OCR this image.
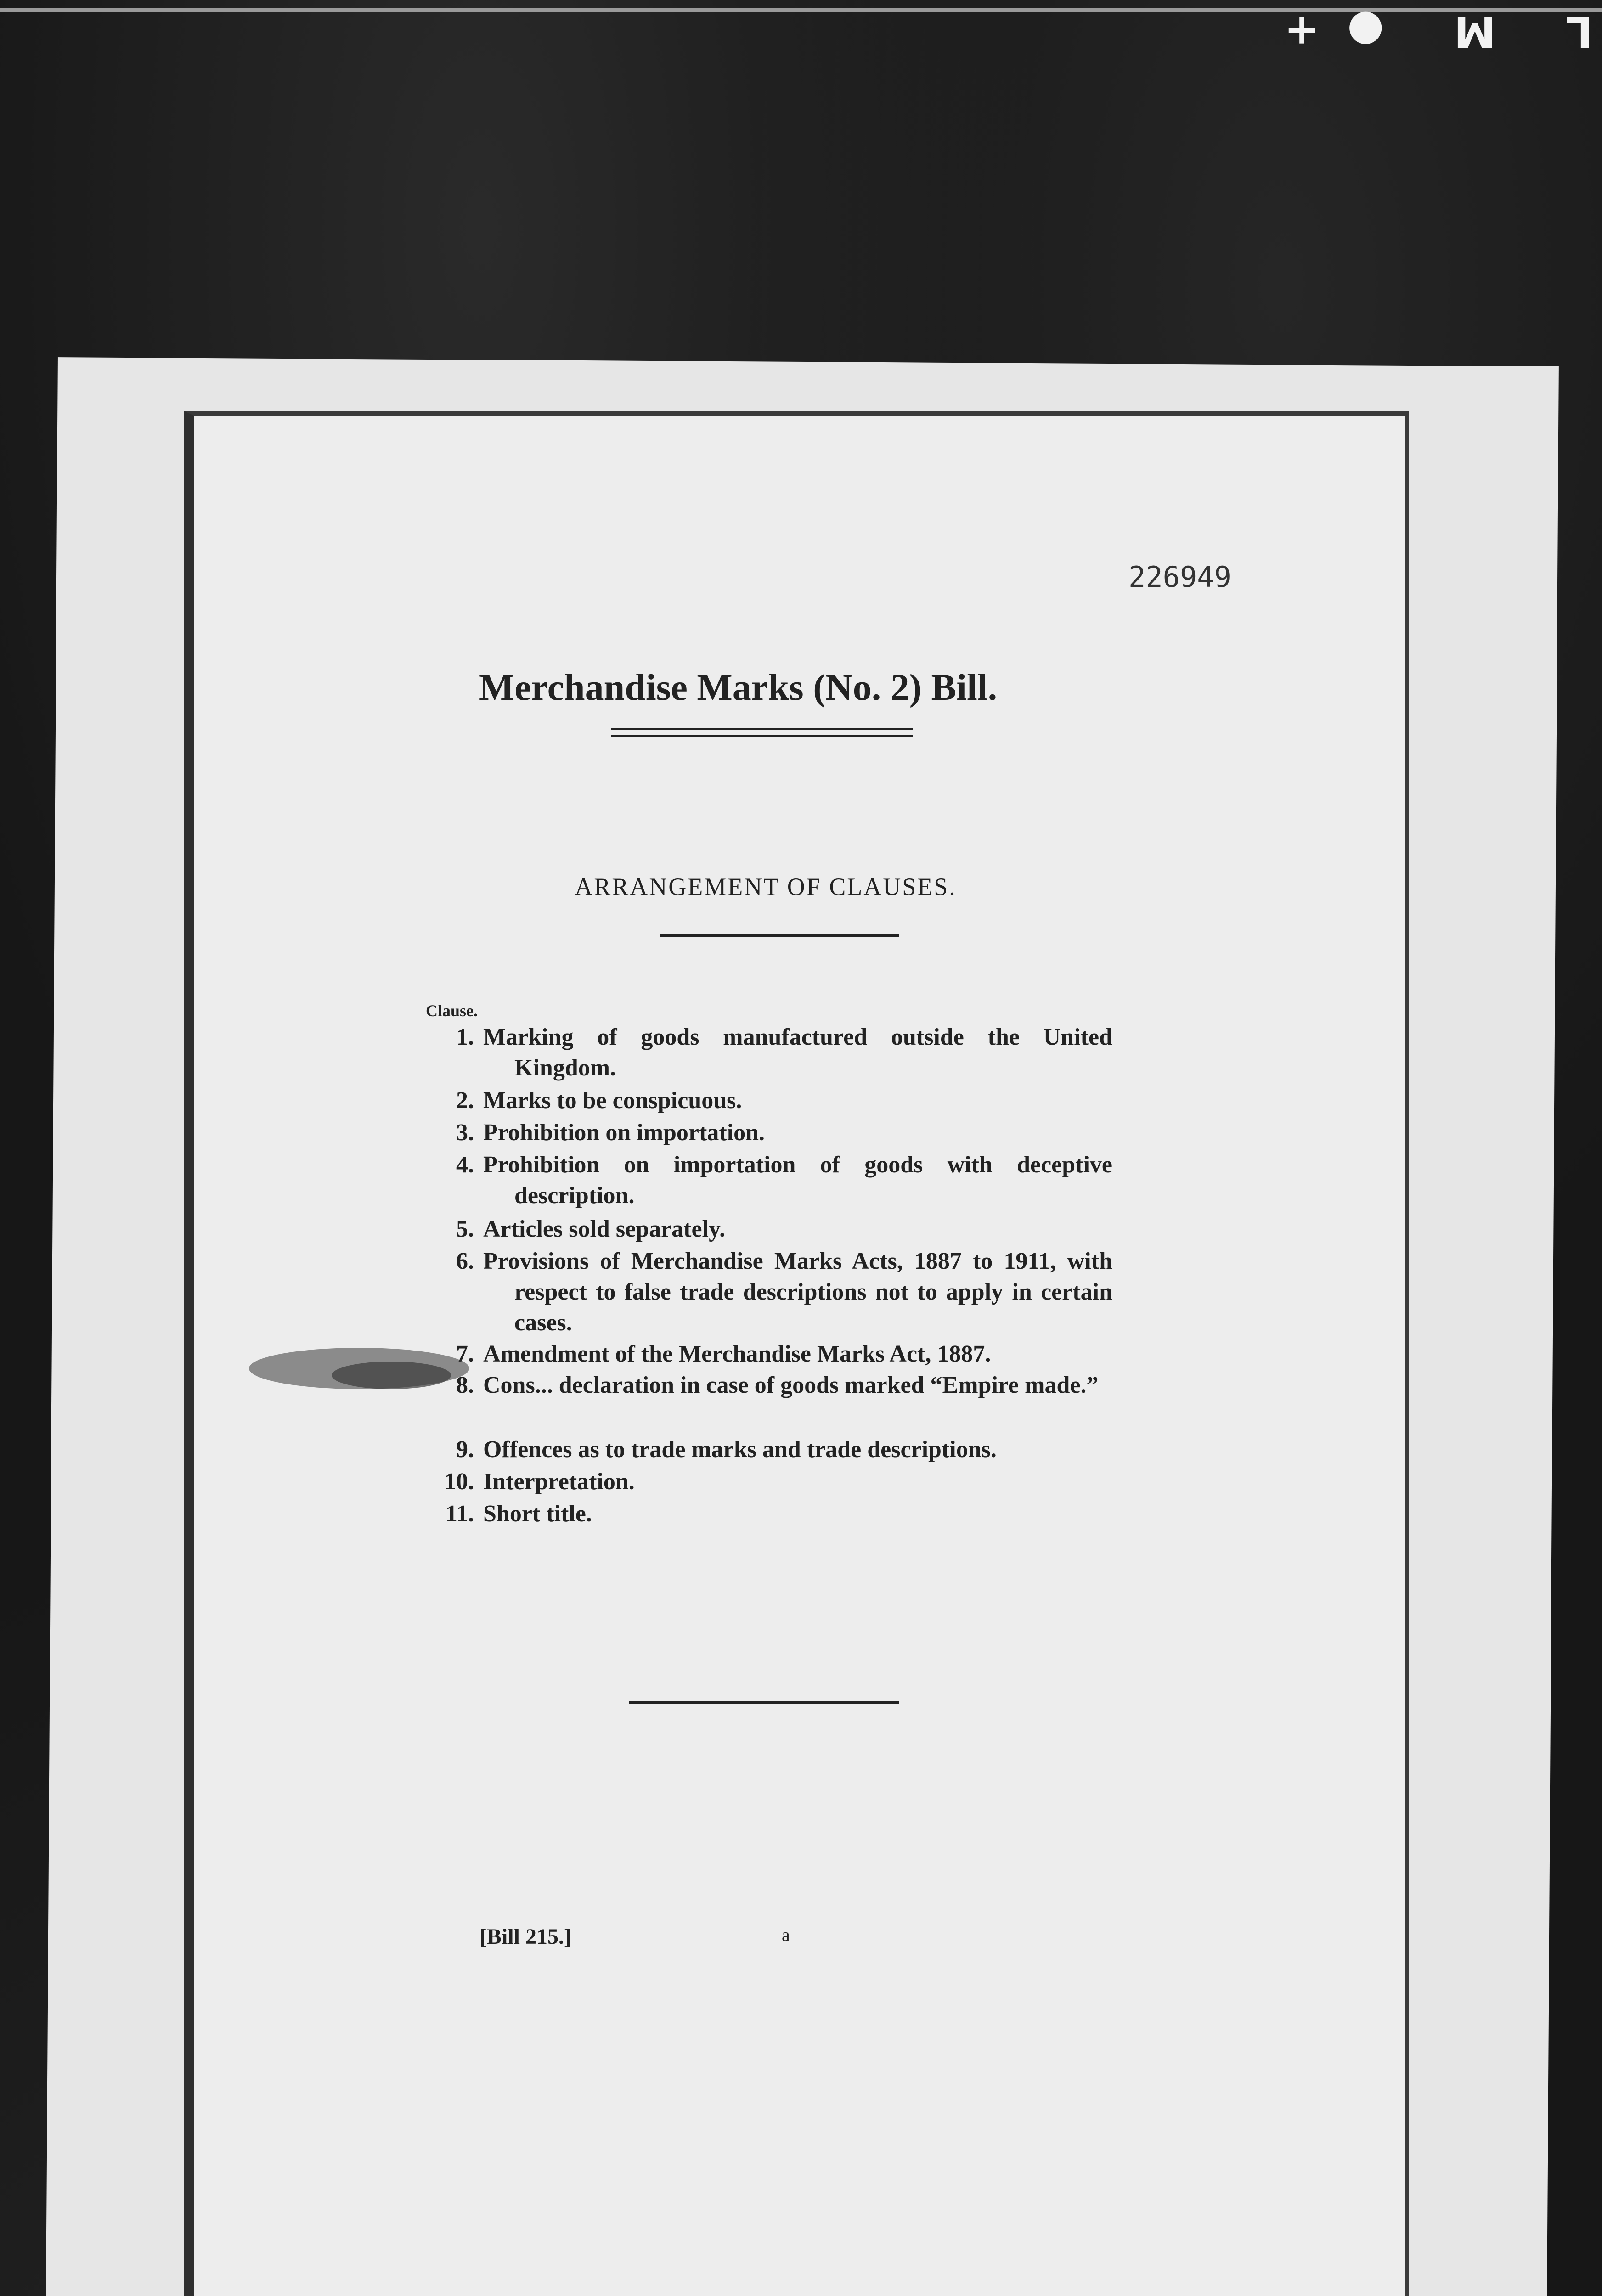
L M ●+
226949
Merchandise Marks (No. 2) Bill.
ARRANGEMENT OF CLAUSES.
Clause.
1. Marking of goods manufactured outside the United Kingdom.
2. Marks to be conspicuous.
3. Prohibition on importation.
4. Prohibition on importation of goods with deceptive description.
5. Articles sold separately.
6. Provisions of Merchandise Marks Acts, 1887 to 1911, with respect to false trade descriptions not to apply in certain cases.
7. Amendment of the Merchandise Marks Act, 1887.
8. Cons... declaration in case of goods marked “Empire made.”
9. Offences as to trade marks and trade descriptions.
10. Interpretation.
11. Short title.
[Bill 215.]	a
